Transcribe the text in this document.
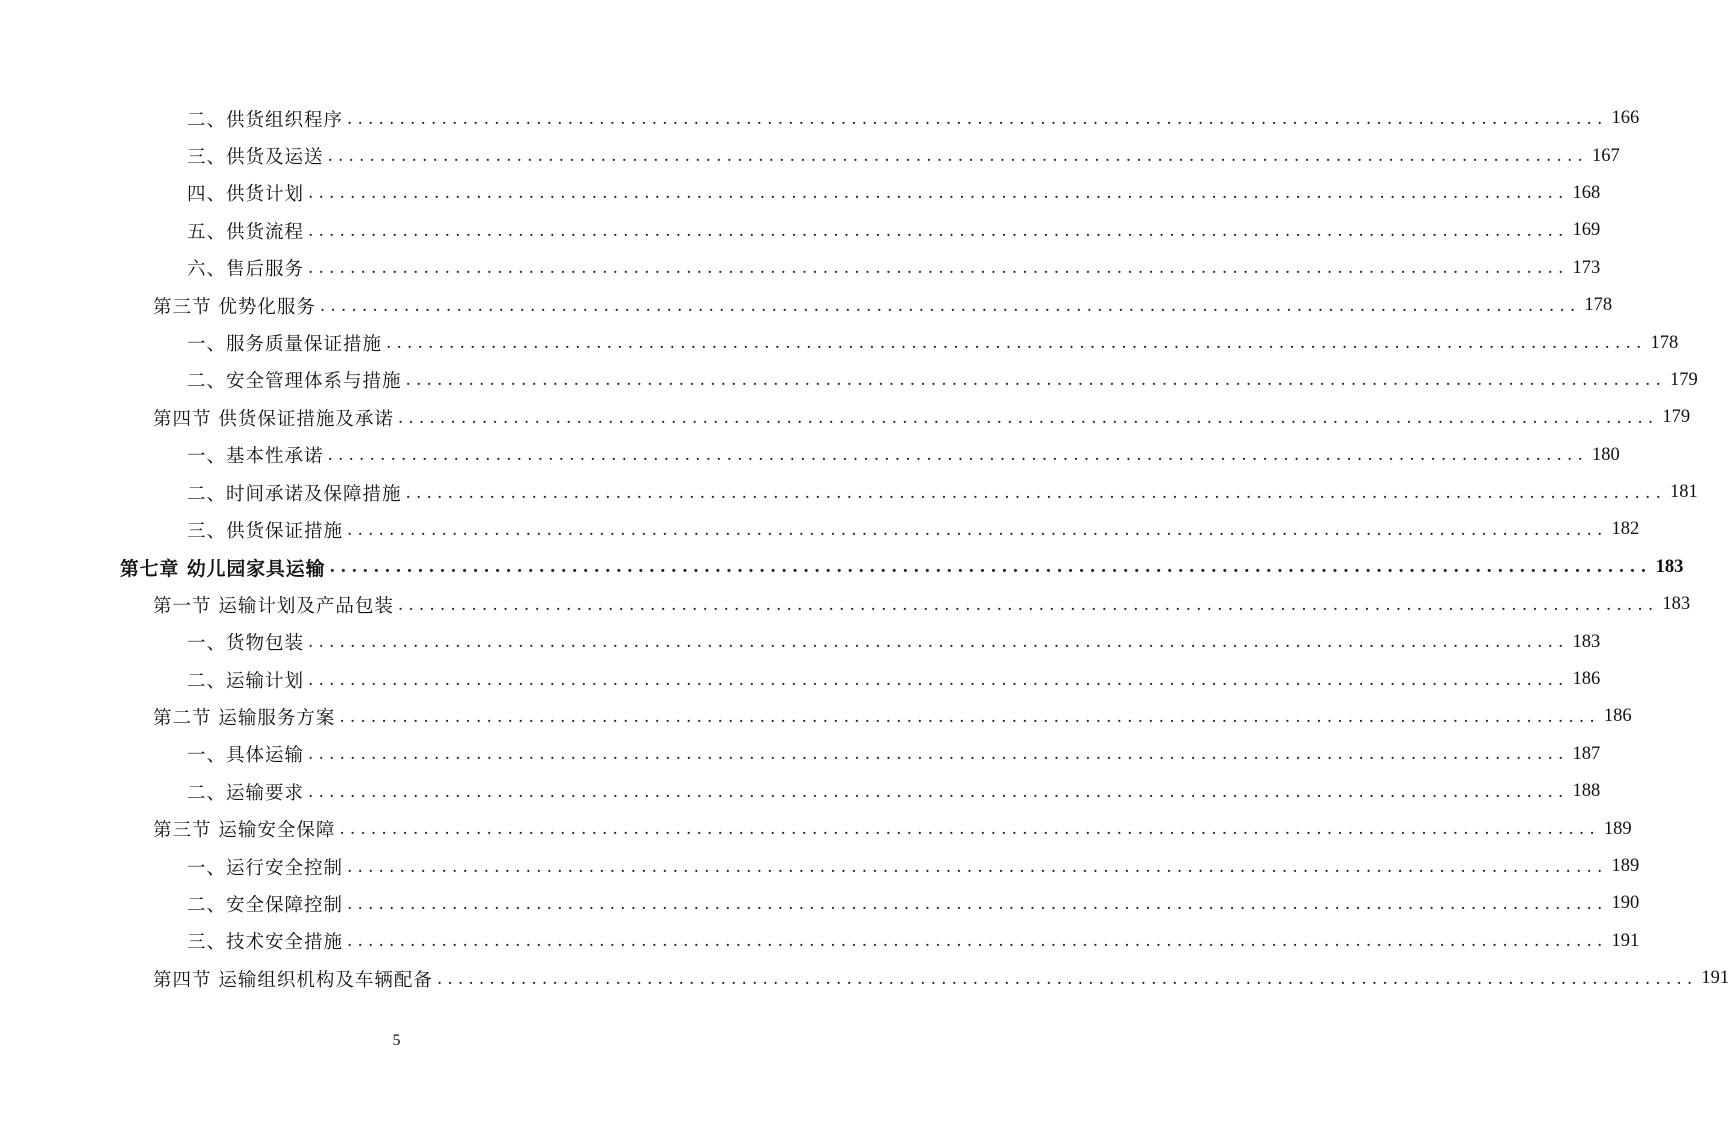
二、供货组织程序 ........................................................................................................................ 166
三、供货及运送 ........................................................................................................................ 167
四、供货计划 ........................................................................................................................ 168
五、供货流程 ........................................................................................................................ 169
六、售后服务 ........................................................................................................................ 173
第三节 优势化服务 ........................................................................................................................ 178
一、服务质量保证措施 ........................................................................................................................ 178
二、安全管理体系与措施 ........................................................................................................................ 179
第四节 供货保证措施及承诺 ........................................................................................................................ 179
一、基本性承诺 ........................................................................................................................ 180
二、时间承诺及保障措施 ........................................................................................................................ 181
三、供货保证措施 ........................................................................................................................ 182
第七章 幼儿园家具运输 ........................................................................................................................ 183
第一节 运输计划及产品包装 ........................................................................................................................ 183
一、货物包装 ........................................................................................................................ 183
二、运输计划 ........................................................................................................................ 186
第二节 运输服务方案 ........................................................................................................................ 186
一、具体运输 ........................................................................................................................ 187
二、运输要求 ........................................................................................................................ 188
第三节 运输安全保障 ........................................................................................................................ 189
一、运行安全控制 ........................................................................................................................ 189
二、安全保障控制 ........................................................................................................................ 190
三、技术安全措施 ........................................................................................................................ 191
第四节 运输组织机构及车辆配备 ........................................................................................................................ 191
5
